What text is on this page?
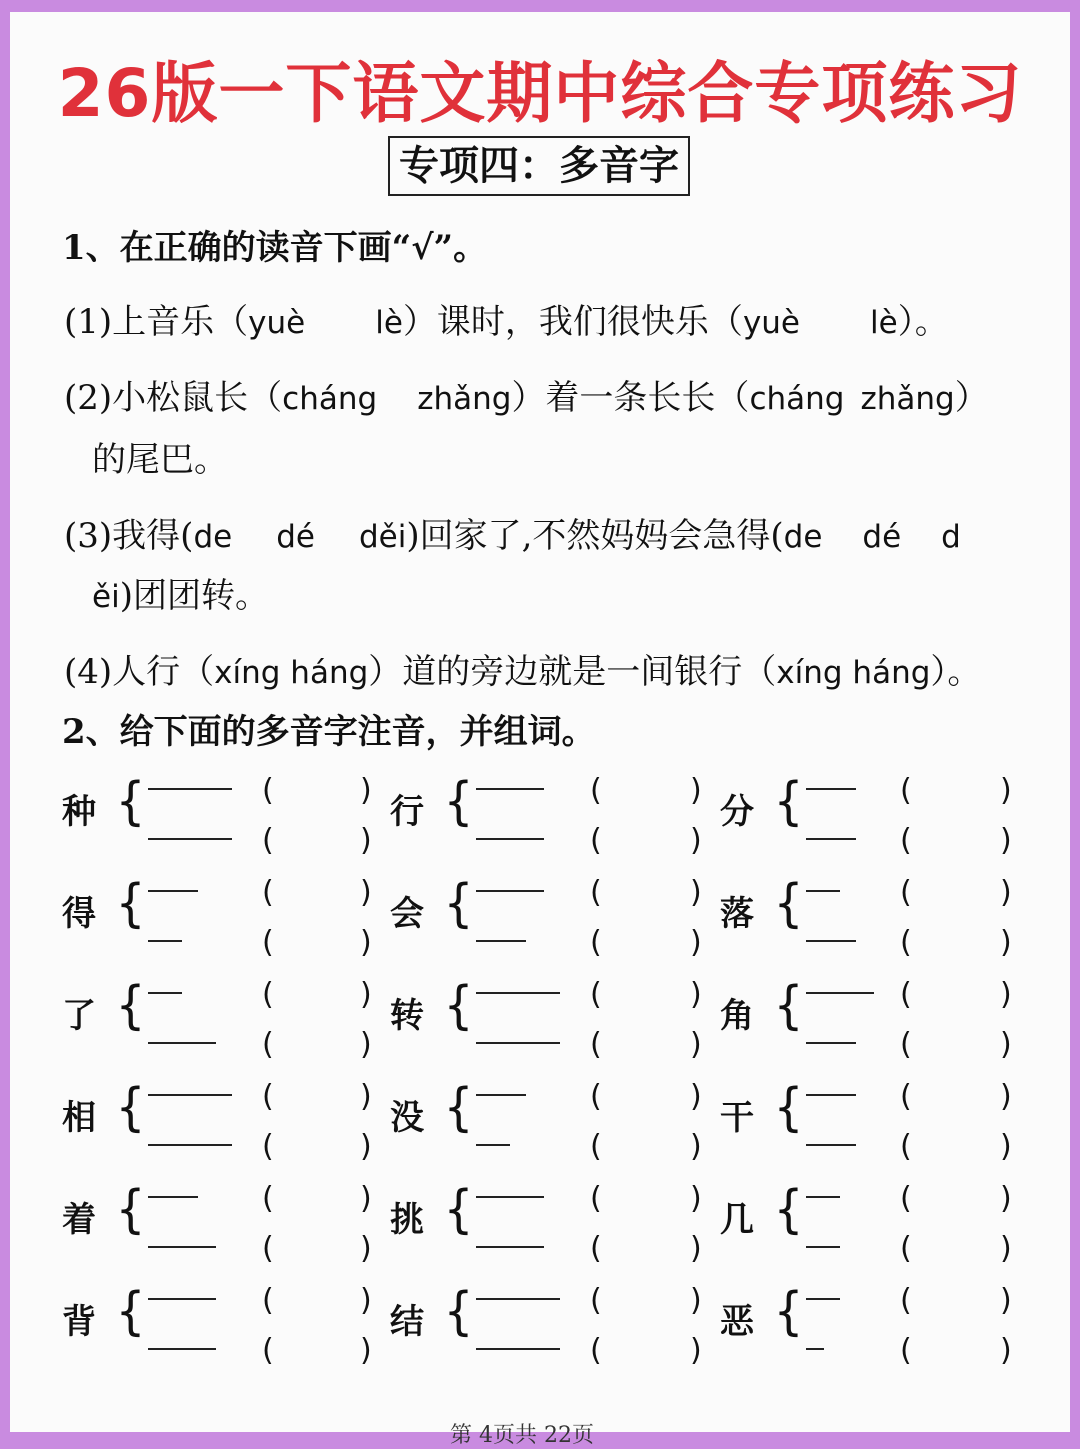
26版一下语文期中综合专项练习
专项四：多音字
1、在正确的读音下画“√”。
(1)上音乐（yuè lè）课时，我们很快乐（yuè lè）。
(2)小松鼠长（cháng zhǎng）着一条长长（cháng zhǎng）
的尾巴。
(3)我得(de dé děi)回家了,不然妈妈会急得(de dé d
ěi)团团转。
(4)人行（xíng háng）道的旁边就是一间银行（xíng háng）。
2、给下面的多音字注音，并组词。
种 {	(	)
(	)
行 {	(	)
(	)
分 {	(	)
(	)
得 {	(	)
(	)
会 {	(	)
(	)
落 {	(	)
(	)
了 {	(	)
(	)
转 {	(	)
(	)
角 {	(	)
(	)
相 {	(	)
(	)
没 {	(	)
(	)
干 {	(	)
(	)
着 {	(	)
(	)
挑 {	(	)
(	)
几 {	(	)
(	)
背 {	(	)
(	)
结 {	(	)
(	)
恶 {	(	)
(	)
第 4页共 22页
